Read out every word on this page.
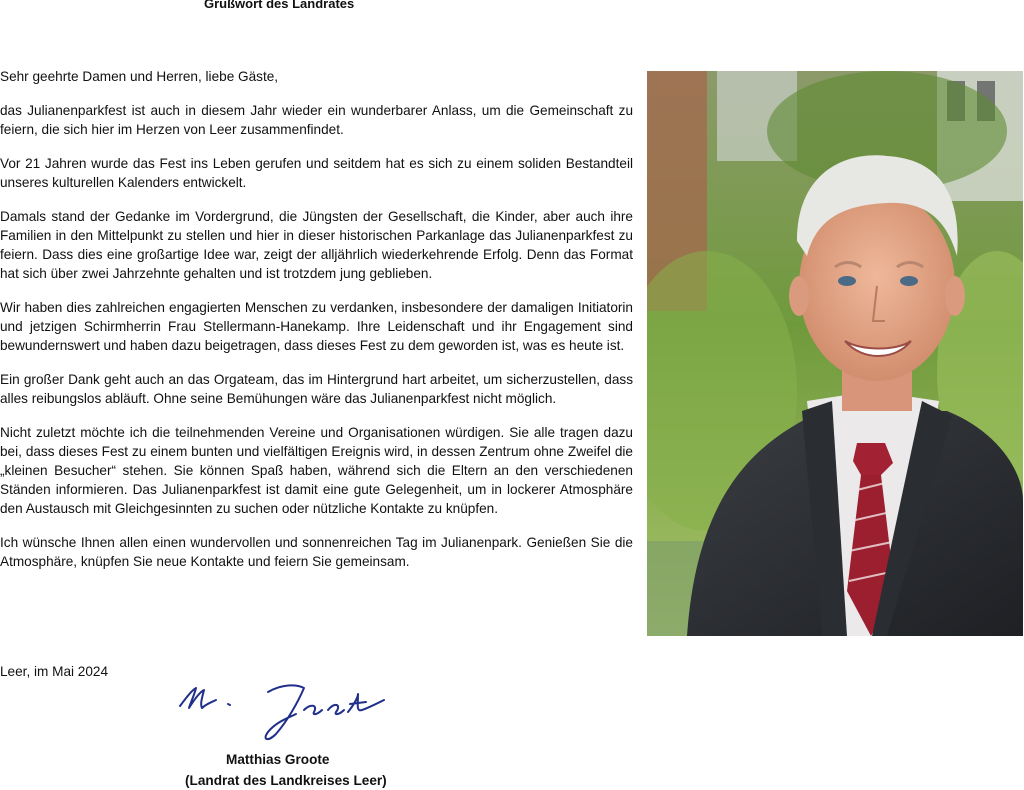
Grußwort des Landrates

Sehr geehrte Damen und Herren, liebe Gäste,

das Julianenparkfest ist auch in diesem Jahr wieder ein wunderbarer Anlass, um die Gemeinschaft zu feiern, die sich hier im Herzen von Leer zusammenfindet.

Vor 21 Jahren wurde das Fest ins Leben gerufen und seitdem hat es sich zu einem soliden Bestandteil unseres kulturellen Kalenders entwickelt.

Damals stand der Gedanke im Vordergrund, die Jüngsten der Gesellschaft, die Kinder, aber auch ihre Familien in den Mittelpunkt zu stellen und hier in dieser historischen Parkanlage das Julianenparkfest zu feiern. Dass dies eine großartige Idee war, zeigt der alljährlich wiederkehrende Erfolg. Denn das Format hat sich über zwei Jahrzehnte gehalten und ist trotzdem jung geblieben.

Wir haben dies zahlreichen engagierten Menschen zu verdanken, insbesondere der damaligen Initiatorin und jetzigen Schirmherrin Frau Stellermann-Hanekamp. Ihre Leidenschaft und ihr Engagement sind bewundernswert und haben dazu beigetragen, dass dieses Fest zu dem geworden ist, was es heute ist.

Ein großer Dank geht auch an das Orgateam, das im Hintergrund hart arbeitet, um sicherzustellen, dass alles reibungslos abläuft. Ohne seine Bemühungen wäre das Julianenparkfest nicht möglich.

Nicht zuletzt möchte ich die teilnehmenden Vereine und Organisationen würdigen. Sie alle tragen dazu bei, dass dieses Fest zu einem bunten und vielfältigen Ereignis wird, in dessen Zentrum ohne Zweifel die „kleinen Besucher“ stehen. Sie können Spaß haben, während sich die Eltern an den verschiedenen Ständen informieren. Das Julianenparkfest ist damit eine gute Gelegenheit, um in lockerer Atmosphäre den Austausch mit Gleichgesinnten zu suchen oder nützliche Kontakte zu knüpfen.

Ich wünsche Ihnen allen einen wundervollen und sonnenreichen Tag im Julianenpark. Genießen Sie die Atmosphäre, knüpfen Sie neue Kontakte und feiern Sie gemeinsam.

Leer, im Mai 2024
Matthias Groote
(Landrat des Landkreises Leer)
